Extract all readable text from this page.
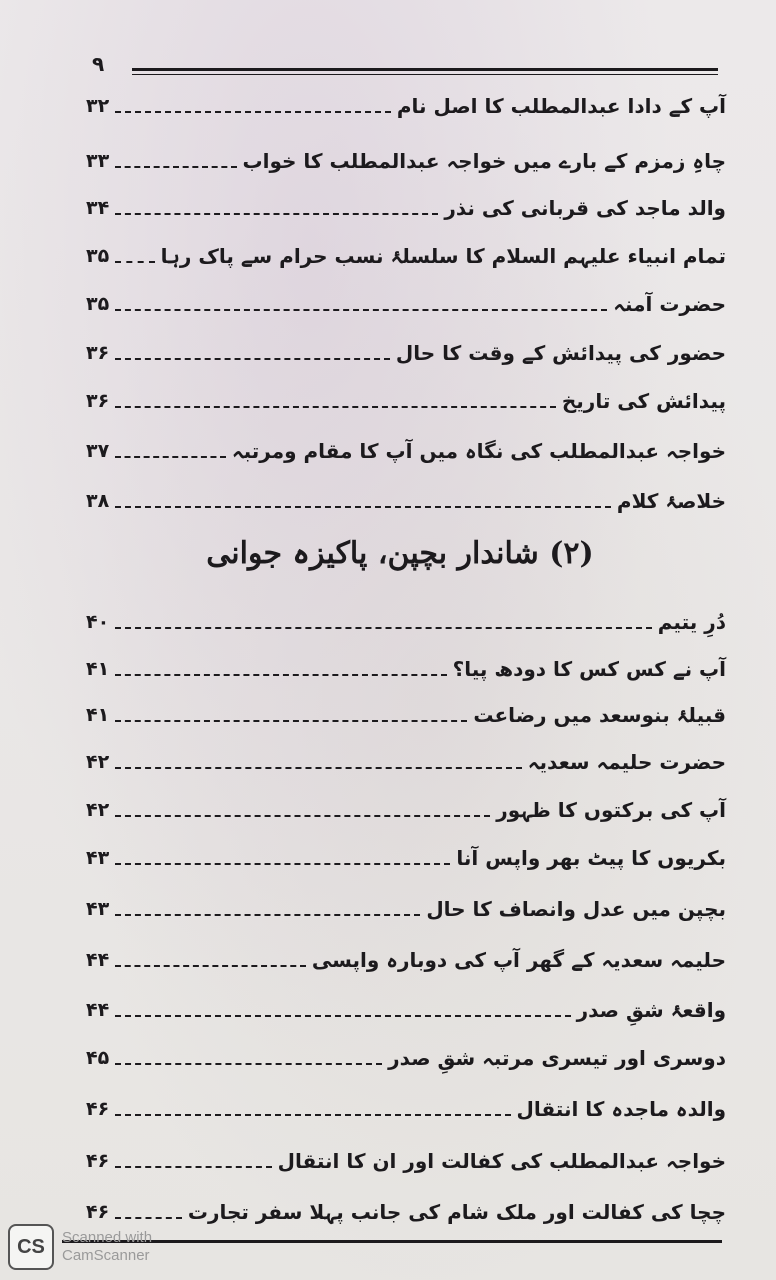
۹
آپ کے دادا عبدالمطلب کا اصل نام
۳۲
چاہِ زمزم کے بارے میں خواجہ عبدالمطلب کا خواب
۳۳
والد ماجد کی قربانی کی نذر
۳۴
تمام انبیاء علیہم السلام کا سلسلۂ نسب حرام سے پاک رہا
۳۵
حضرت آمنہ
۳۵
حضور کی پیدائش کے وقت کا حال
۳۶
پیدائش کی تاریخ
۳۶
خواجہ عبدالمطلب کی نگاہ میں آپ کا مقام ومرتبہ
۳۷
خلاصۂ کلام
۳۸
(۲) شاندار بچپن، پاکیزہ جوانی
دُرِ یتیم
۴۰
آپ نے کس کس کا دودھ پیا؟
۴۱
قبیلۂ بنوسعد میں رضاعت
۴۱
حضرت حلیمہ سعدیہ
۴۲
آپ کی برکتوں کا ظہور
۴۲
بکریوں کا پیٹ بھر واپس آنا
۴۳
بچپن میں عدل وانصاف کا حال
۴۳
حلیمہ سعدیہ کے گھر آپ کی دوبارہ واپسی
۴۴
واقعۂ شقِ صدر
۴۴
دوسری اور تیسری مرتبہ شقِ صدر
۴۵
والدہ ماجدہ کا انتقال
۴۶
خواجہ عبدالمطلب کی کفالت اور ان کا انتقال
۴۶
چچا کی کفالت اور ملک شام کی جانب پہلا سفر تجارت
۴۶
CS	Scanned with
CamScanner
